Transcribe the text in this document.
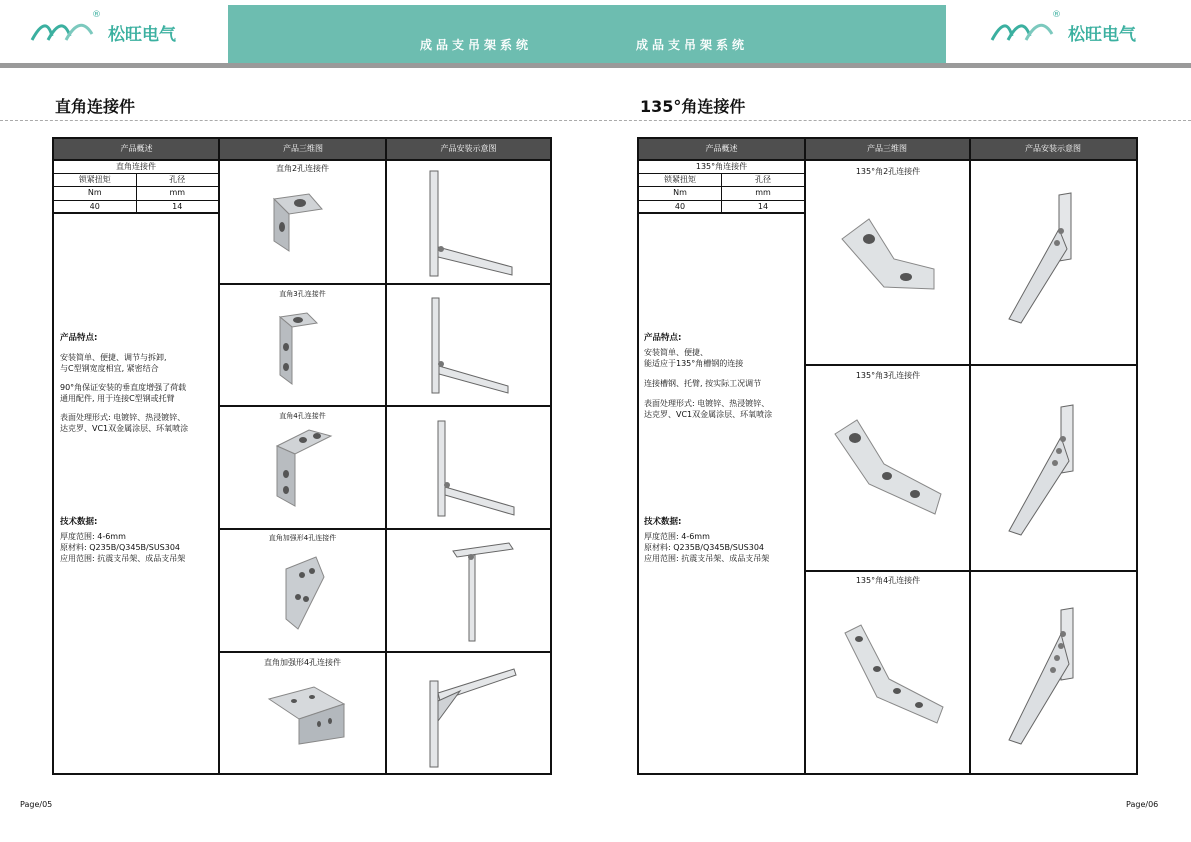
®
松旺电气	成品支吊架系统	成品支吊架系统
®
松旺电气
直角连接件	135°角连接件
产品概述	产品三维图	产品安装示意图
直角连接件
锁紧扭矩	孔径
Nm	mm
40	14
产品特点:
安装简单、便捷、调节与拆卸,
与C型钢宽度相宜, 紧密结合
90°角保证安装的垂直度增强了荷载
通用配件, 用于连接C型钢或托臂
表面处理形式: 电镀锌、热浸镀锌、
达克罗、VC1双金属涂层、环氧喷涂
技术数据:
厚度范围: 4-6mm
原材料: Q235B/Q345B/SUS304
应用范围: 抗震支吊架、成品支吊架
直角2孔连接件
直角3孔连接件
直角4孔连接件
直角加强形4孔连接件
直角加强形4孔连接件
产品概述	产品三维图	产品安装示意图
135°角连接件
锁紧扭矩	孔径
Nm	mm
40	14
产品特点:
安装简单、便捷、
能适应于135°角槽钢的连接
连接槽钢、托臂, 按实际工况调节
表面处理形式: 电镀锌、热浸镀锌、
达克罗、VC1双金属涂层、环氧喷涂
技术数据:
厚度范围: 4-6mm
原材料: Q235B/Q345B/SUS304
应用范围: 抗震支吊架、成品支吊架
135°角2孔连接件
135°角3孔连接件
135°角4孔连接件
Page/05	Page/06
